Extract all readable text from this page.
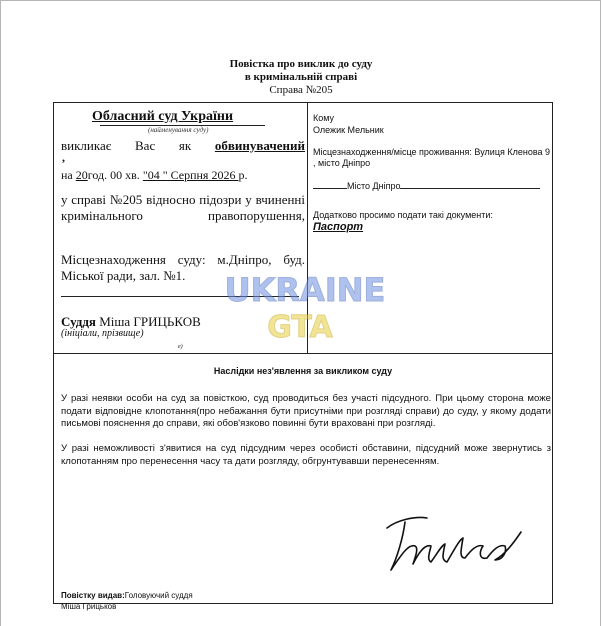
Повістка про виклик до суду
в кримінальній справі
Справа №205
Обласний суд України
(найменування суду)
викликає Вас як обвинувачений
,
на 20год. 00 хв. "04 " Серпня 2026 р.
у справі №205 відносно підозри у вчиненні кримінального правопорушення,
Місцезнаходження суду: м.Дніпро, буд. Міської ради, зал. №1.
Суддя Міша ГРИЦЬКОВ
(ініціали, прізвище)
е)
Кому
Олежик Мельник
Місцезнаходження/місце проживання: Вулиця Кленова 9 , місто Дніпро
Місто Дніпро
Додатково просимо подати такі документи:
Паспорт
UKRAINE
GTA
Наслідки нез'явлення за викликом суду
У разі неявки особи на суд за повісткою, суд проводиться без участі підсудного. При цьому сторона може подати відповідне клопотання(про небажання бути присутніми при розгляді справи) до суду, у якому додати письмові пояснення до справи, які обов'язково повинні бути враховані при розгляді.
У разі неможливості з'явитися на суд підсудним через особисті обставини, підсудний може звернутись з клопотанням про перенесення часу та дати розгляду, обгрунтувавши перенесенням.
Повістку видав:Головуючий суддя
Міша Грицьков
